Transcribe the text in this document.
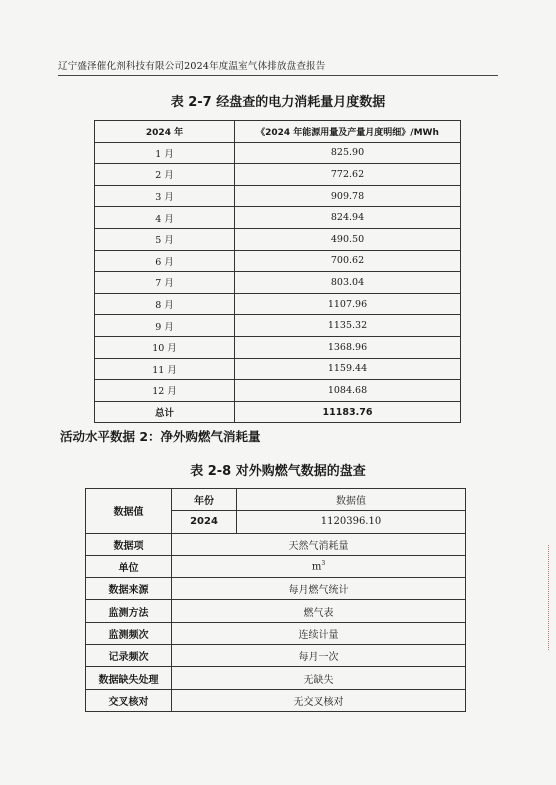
辽宁盛泽催化剂科技有限公司2024年度温室气体排放盘查报告
表 2-7 经盘查的电力消耗量月度数据
2024 年	《2024 年能源用量及产量月度明细》/MWh
1 月	825.90
2 月	772.62
3 月	909.78
4 月	824.94
5 月	490.50
6 月	700.62
7 月	803.04
8 月	1107.96
9 月	1135.32
10 月	1368.96
11 月	1159.44
12 月	1084.68
总计	11183.76
活动水平数据 2：净外购燃气消耗量
表 2-8 对外购燃气数据的盘查
数据值	年份	数据值
	2024	1120396.10
数据项	天然气消耗量	
单位	$m^3$
数据来源	每月燃气统计	
监测方法	燃气表	
监测频次	连续计量	
记录频次	每月一次	
数据缺失处理	无缺失	
交叉核对	无交叉核对	
